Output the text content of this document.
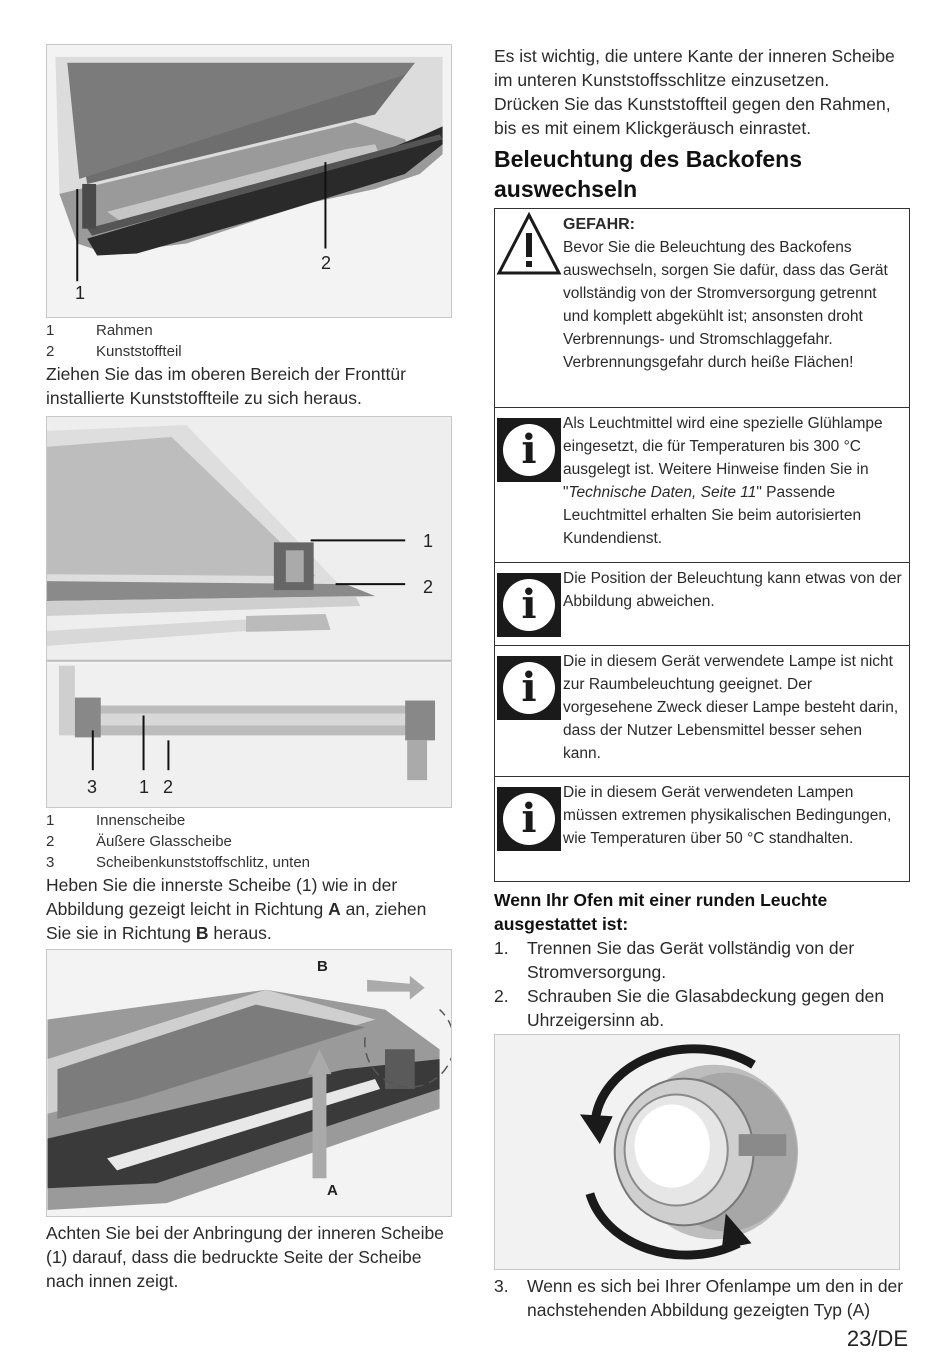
1
2
1	Rahmen
2	Kunststoffteil
Ziehen Sie das im oberen Bereich der Fronttür installierte Kunststoffteile zu sich heraus.
1
2
3 1 2
1	Innenscheibe
2	Äußere Glasscheibe
3	Scheibenkunststoffschlitz, unten
Heben Sie die innerste Scheibe (1) wie in der Abbildung gezeigt leicht in Richtung A an, ziehen Sie sie in Richtung B heraus.
B
A
Achten Sie bei der Anbringung der inneren Scheibe (1) darauf, dass die bedruckte Seite der Scheibe nach innen zeigt.
Es ist wichtig, die untere Kante der inneren Scheibe im unteren Kunststoffsschlitze einzusetzen.
Drücken Sie das Kunststoffteil gegen den Rahmen, bis es mit einem Klickgeräusch einrastet.
Beleuchtung des Backofens auswechseln
GEFAHR:
Bevor Sie die Beleuchtung des Backofens auswechseln, sorgen Sie dafür, dass das Gerät vollständig von der Stromversorgung getrennt und komplett abgekühlt ist; ansonsten droht Verbrennungs- und Stromschlaggefahr.
Verbrennungsgefahr durch heiße Flächen!
i
Als Leuchtmittel wird eine spezielle Glühlampe eingesetzt, die für Temperaturen bis 300 °C ausgelegt ist. Weitere Hinweise finden Sie in "Technische Daten, Seite 11" Passende Leuchtmittel erhalten Sie beim autorisierten Kundendienst.
i
Die Position der Beleuchtung kann etwas von der Abbildung abweichen.
i
Die in diesem Gerät verwendete Lampe ist nicht zur Raumbeleuchtung geeignet. Der vorgesehene Zweck dieser Lampe besteht darin, dass der Nutzer Lebensmittel besser sehen kann.
i
Die in diesem Gerät verwendeten Lampen müssen extremen physikalischen Bedingungen, wie Temperaturen über 50 °C standhalten.
Wenn Ihr Ofen mit einer runden Leuchte ausgestattet ist:
1.	Trennen Sie das Gerät vollständig von der Stromversorgung.
2.	Schrauben Sie die Glasabdeckung gegen den Uhrzeigersinn ab.
3.	Wenn es sich bei Ihrer Ofenlampe um den in der nachstehenden Abbildung gezeigten Typ (A)
23/DE
